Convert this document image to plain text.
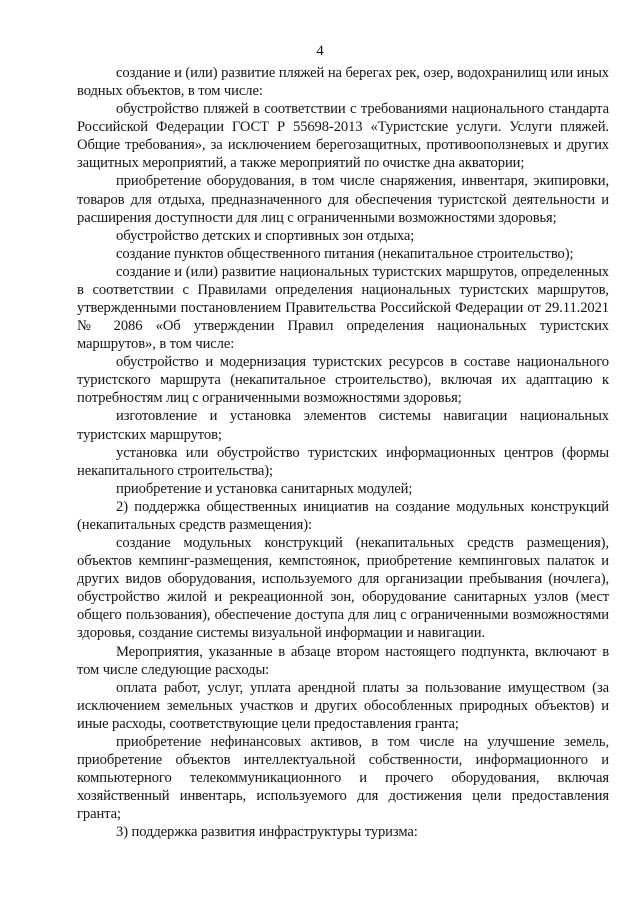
4

создание и (или) развитие пляжей на берегах рек, озер, водохранилищ или иных водных объектов, в том числе:

обустройство пляжей в соответствии с требованиями национального стандарта Российской Федерации ГОСТ Р 55698-2013 «Туристские услуги. Услуги пляжей. Общие требования», за исключением берегозащитных, противооползневых и других защитных мероприятий, а также мероприятий по очистке дна акватории;

приобретение оборудования, в том числе снаряжения, инвентаря, экипировки, товаров для отдыха, предназначенного для обеспечения туристской деятельности и расширения доступности для лиц с ограниченными возможностями здоровья;

обустройство детских и спортивных зон отдыха;

создание пунктов общественного питания (некапитальное строительство);

создание и (или) развитие национальных туристских маршрутов, определенных в соответствии с Правилами определения национальных туристских маршрутов, утвержденными постановлением Правительства Российской Федерации от 29.11.2021 № 2086 «Об утверждении Правил определения национальных туристских маршрутов», в том числе:

обустройство и модернизация туристских ресурсов в составе национального туристского маршрута (некапитальное строительство), включая их адаптацию к потребностям лиц с ограниченными возможностями здоровья;

изготовление и установка элементов системы навигации национальных туристских маршрутов;

установка или обустройство туристских информационных центров (формы некапитального строительства);

приобретение и установка санитарных модулей;

2) поддержка общественных инициатив на создание модульных конструкций (некапитальных средств размещения):

создание модульных конструкций (некапитальных средств размещения), объектов кемпинг-размещения, кемпстоянок, приобретение кемпинговых палаток и других видов оборудования, используемого для организации пребывания (ночлега), обустройство жилой и рекреационной зон, оборудование санитарных узлов (мест общего пользования), обеспечение доступа для лиц с ограниченными возможностями здоровья, создание системы визуальной информации и навигации.

Мероприятия, указанные в абзаце втором настоящего подпункта, включают в том числе следующие расходы:

оплата работ, услуг, уплата арендной платы за пользование имуществом (за исключением земельных участков и других обособленных природных объектов) и иные расходы, соответствующие цели предоставления гранта;

приобретение нефинансовых активов, в том числе на улучшение земель, приобретение объектов интеллектуальной собственности, информационного и компьютерного телекоммуникационного и прочего оборудования, включая хозяйственный инвентарь, используемого для достижения цели предоставления гранта;

3) поддержка развития инфраструктуры туризма:
